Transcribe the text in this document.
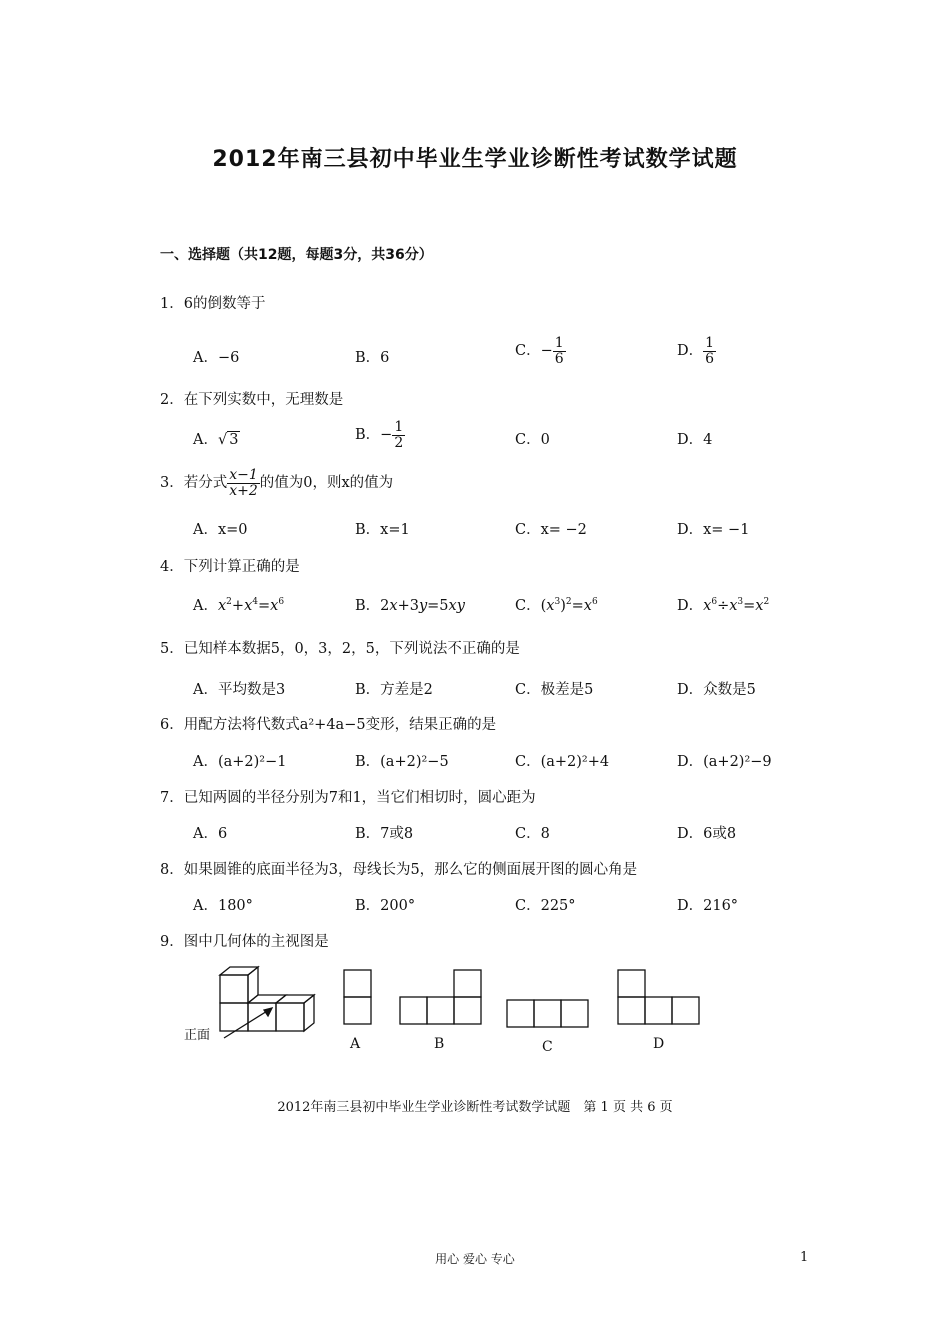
2012年南三县初中毕业生学业诊断性考试数学试题
一、选择题（共12题，每题3分，共36分）
1．6的倒数等于
A．−6	B．6	C．− $\frac{1}{6}$	D． $\frac{1}{6}$
2．在下列实数中，无理数是
A．√ 3	B．− $\frac{1}{2}$	C．0	D．4
3．若分式 $\frac{x-1}{x+2}$ 的值为0，则x的值为
A．x=0	B．x=1	C．x= −2	D．x= −1
4．下列计算正确的是
A．$x^2+x^4=x^6$	B．2x+3y=5xy	C．$(x^3)^2=x^6$	D．$x^6\div x^3=x^2$
5．已知样本数据5，0，3，2，5，下列说法不正确的是
A．平均数是3	B．方差是2	C．极差是5	D．众数是5
6．用配方法将代数式a²+4a−5变形，结果正确的是
A．(a+2)²−1	B．(a+2)²−5	C．(a+2)²+4	D．(a+2)²−9
7．已知两圆的半径分别为7和1，当它们相切时，圆心距为
A．6	B．7或8	C．8	D．6或8
8．如果圆锥的底面半径为3，母线长为5，那么它的侧面展开图的圆心角是
A．180°	B．200°	C．225°	D．216°
9．图中几何体的主视图是
正面
A	B	C	D
2012年南三县初中毕业生学业诊断性考试数学试题　第 1 页 共 6 页
用心 爱心 专心	1
